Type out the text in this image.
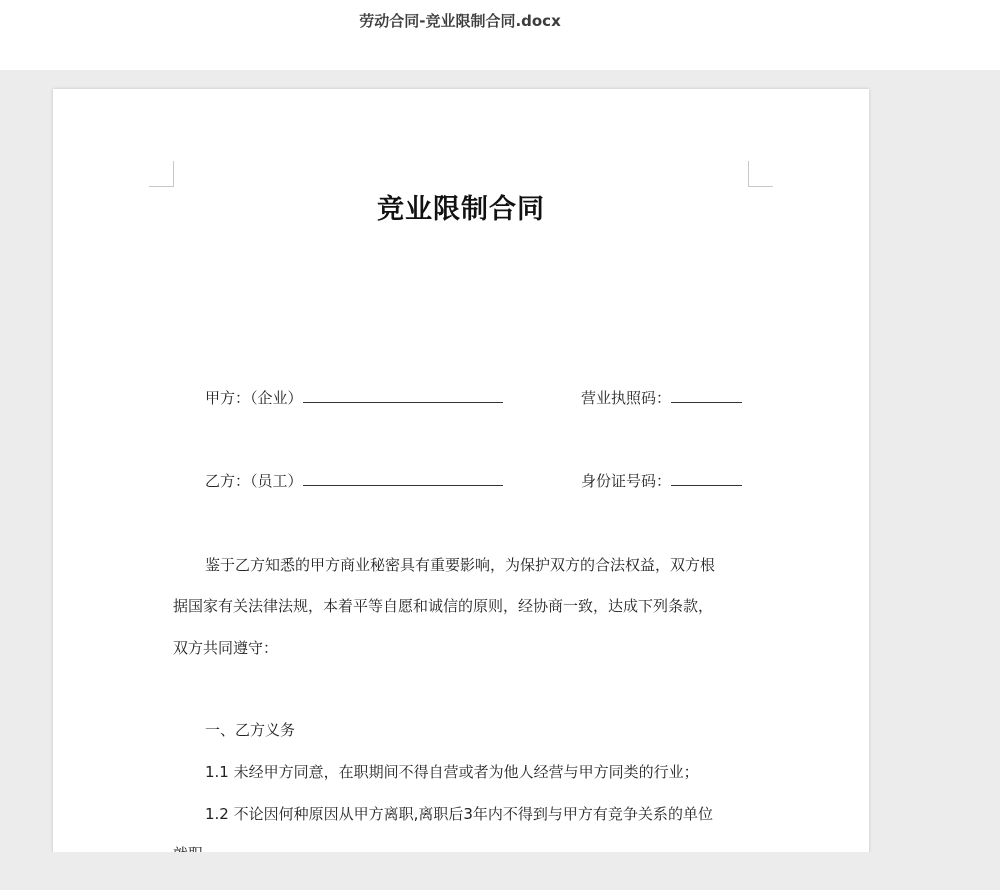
劳动合同-竞业限制合同.docx
竞业限制合同
甲方：（企业）	营业执照码：
乙方：（员工）	身份证号码：
鉴于乙方知悉的甲方商业秘密具有重要影响，为保护双方的合法权益，双方根
据国家有关法律法规，本着平等自愿和诚信的原则，经协商一致，达成下列条款，
双方共同遵守：
一、乙方义务
1.1 未经甲方同意，在职期间不得自营或者为他人经营与甲方同类的行业；
1.2 不论因何种原因从甲方离职,离职后3年内不得到与甲方有竞争关系的单位
